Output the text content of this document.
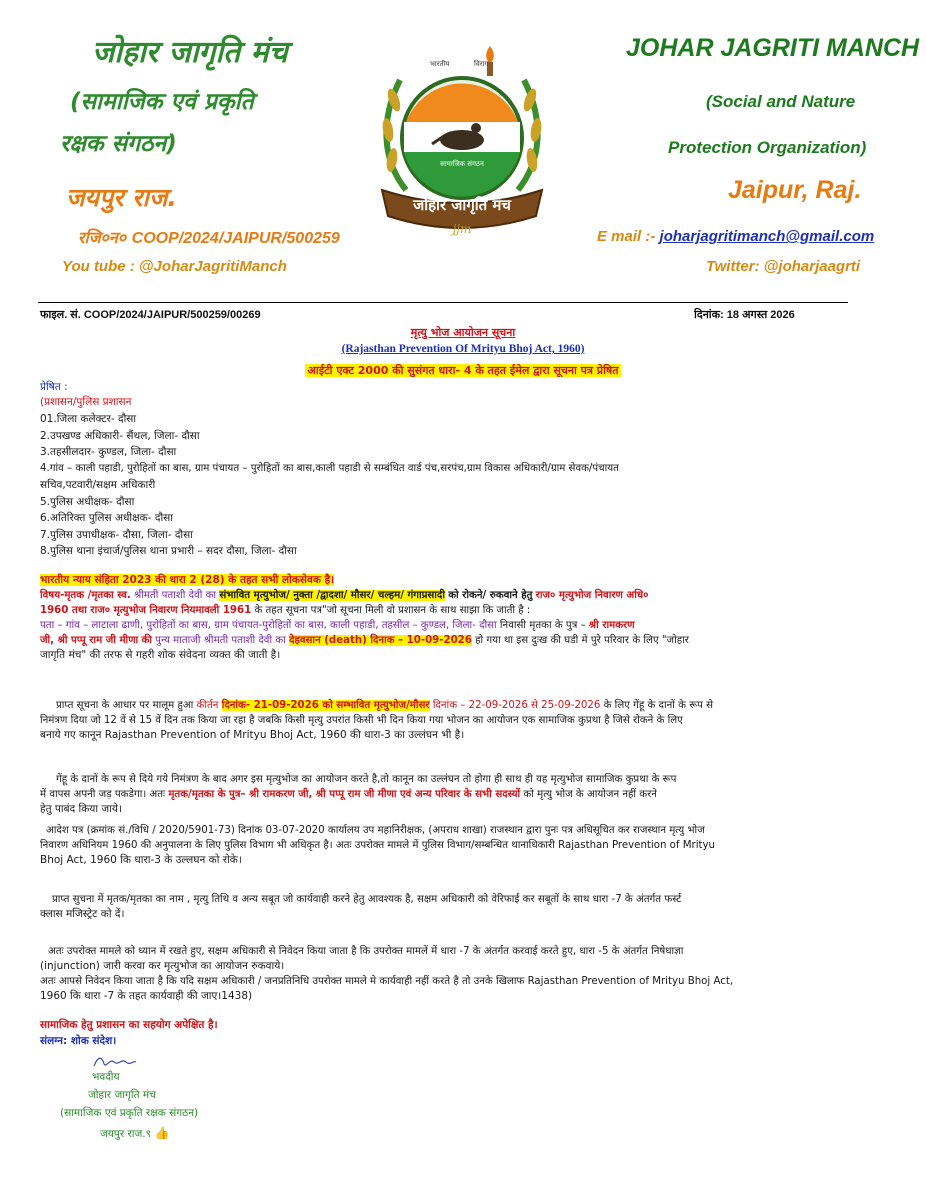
जोहार जागृति मंच
(सामाजिक एवं प्रकृति
रक्षक संगठन)
जयपुर राज.
रजि०न० COOP/2024/JAIPUR/500259
You tube : @JoharJagritiManch
JOHAR JAGRITI MANCH
(Social and Nature
Protection Organization)
Jaipur, Raj.
E mail :- joharjagritimanch@gmail.com
Twitter: @joharjaagrti
सामाजिक संगठन
भारतीय	विराग
जोहार जागृति मंच
jjm
फाइल. सं. COOP/2024/JAIPUR/500259/00269	दिनांक: 18 अगस्त 2026
मृत्यु भोज आयोजन सूचना
(Rajasthan Prevention Of Mrityu Bhoj Act, 1960)
आईटी एक्ट 2000 की सुसंगत धारा- 4 के तहत ईमेल द्वारा सूचना पत्र प्रेषित
प्रेषित :
(प्रशासन/पुलिस प्रशासन
01.जिला कलेक्टर- दौसा
2.उपखण्ड अधिकारी- सैंथल, जिला- दौसा
3.तहसीलदार- कुण्डल, जिला- दौसा
4.गांव – काली पहाडी, पुरोहितों का बास, ग्राम पंचायत – पुरोहितों का बास,काली पहाडी से सम्बंधित वार्ड पंच,सरपंच,ग्राम विकास अधिकारी/ग्राम सेवक/पंचायत
सचिव,पटवारी/सक्षम अधिकारी
5.पुलिस अधीक्षक- दौसा
6.अतिरिक्त पुलिस अधीक्षक- दौसा
7.पुलिस उपाधीक्षक- दौसा, जिला- दौसा
8.पुलिस थाना इंचार्ज/पुलिस थाना प्रभारी – सदर दौसा, जिला- दौसा
भारतीय न्याय संहिता 2023 की धारा 2 (28) के तहत सभी लोकसेवक है।
विषय-मृतक /मृतका स्व. श्रीमती पताशी देवी का संभावित मृत्युभोज/ नुक्ता /द्वादशा/ मौसर/ चल्हम/ गंगाप्रसादी को रोकने/ रुकवाने हेतु राज० मृत्युभोज निवारण अधि०
1960 तथा राज० मृत्युभोज निवारण नियमावली 1961 के तहत सूचना पत्र"जो सूचना मिली वो प्रशासन के साथ साझा कि जाती है :
पता – गांव – लाटाला ढाणी, पुरोहितों का बास, ग्राम पंचायत-पुरोहितों का बास, काली पहाडी, तहसील – कुण्डल, जिला- दौसा निवासी मृतका के पुत्र – श्री रामकरण
जी, श्री पप्पू राम जी मीणा की पुन्य माताजी श्रीमती पताशी देवी का देहवसान (death) दिनाक – 10-09-2026 हो गया था इस दुःख की घडी मे पुरे परिवार के लिए "जोहार
जागृति मंच" की तरफ से गहरी शोक संवेदना व्यक्त की जाती है।
प्राप्त सूचना के आधार पर मालूम हुआ कीर्तन दिनांक- 21-09-2026 को सम्भावित मृत्युभोज/मौसर दिनांक – 22-09-2026 से 25-09-2026 के लिए गेंहू के दानों के रूप से
निमंत्रण दिया जो 12 वें से 15 वें दिन तक किया जा रहा है जबकि किसी मृत्यु उपरांत किसी भी दिन किया गया भोजन का आयोजन एक सामाजिक कुप्रथा है जिसे रोकने के लिए
बनाये गए कानून Rajasthan Prevention of Mrityu Bhoj Act, 1960 की धारा-3 का उल्लंघन भी है।
गेंहू के दानों के रूप से दिये गये निमंत्रण के बाद अगर इस मृत्युभोज का आयोजन करते है,तो कानून का उल्लंघन तो होगा ही साथ ही यह मृत्युभोज सामाजिक कुप्रथा के रूप
में वापस अपनी जड़ पकडेगा। अतः मृतक/मृतका के पुत्र– श्री रामकरण जी, श्री पप्पू राम जी मीणा एवं अन्य परिवार के सभी सदस्यों को मृत्यु भोज के आयोजन नहीं करने
हेतु पाबंद किया जाये।
आदेश पत्र (क्रमांक सं./विधि / 2020/5901-73) दिनांक 03-07-2020 कार्यालय उप महानिरीक्षक, (अपराध शाखा) राजस्थान द्वारा पुनः पत्र अधिसूचित कर राजस्थान मृत्यु भोज
निवारण अधिनियम 1960 की अनुपालना के लिए पुलिस विभाग भी अधिकृत है। अतः उपरोक्त मामले में पुलिस विभाग/सम्बन्धित थानाधिकारी Rajasthan Prevention of Mrityu
Bhoj Act, 1960 कि धारा-3 के उल्लघन को रोके।
प्राप्त सुचना में मृतक/मृतका का नाम , मृत्यु तिथि व अन्य सबूत जो कार्यवाही करने हेतु आवश्यक है, सक्षम अधिकारी को वेरिफाई कर सबूतों के साथ धारा -7 के अंतर्गत फर्स्ट
क्लास मजिस्ट्रेट को दें।
अतः उपरोक्त मामले को ध्यान में रखते हुए, सक्षम अधिकारी से निवेदन किया जाता है कि उपरोक्त मामलें में धारा -7 के अंतर्गत करवाई करते हुए, धारा -5 के अंतर्गत निषेधाज्ञा
(injunction) जारी करवा कर मृत्युभोज का आयोजन रुकवाये।
अतः आपसे निवेदन किया जाता है कि यदि सक्षम अधिकारी / जनप्रतिनिधि उपरोक्त मामले मे कार्यवाही नहीं करते है तो उनके खिलाफ Rajasthan Prevention of Mrityu Bhoj Act,
1960 कि धारा -7 के तहत कार्यवाही की जाए।1438)
सामाजिक हेतु प्रशासन का सहयोग अपेक्षित है।
संलग्न: शोक संदेश।
भवदीय
जोहार जागृति मंच
(सामाजिक एवं प्रकृति रक्षक संगठन)
जयपुर राज.९ 👍
